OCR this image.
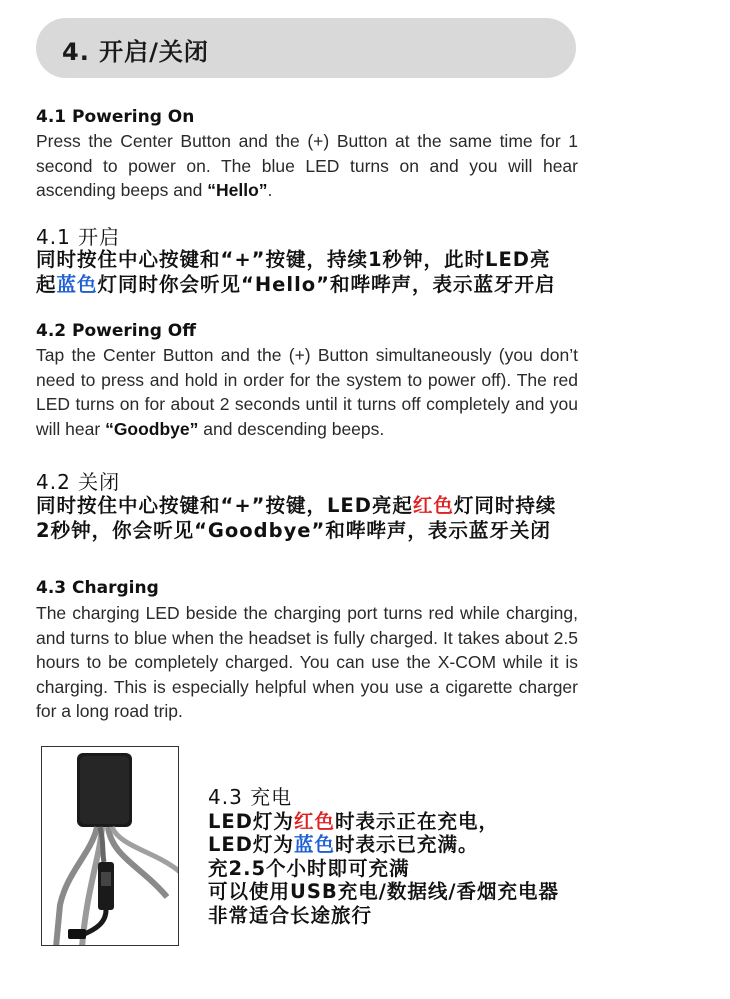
4. 开启/关闭
4.1 Powering On
Press the Center Button and the (+) Button at the same time for 1 second to power on. The blue LED turns on and you will hear ascending beeps and “Hello”.
4.1 开启
同时按住中心按键和“+”按键，持续1秒钟，此时LED亮
起蓝色灯同时你会听见“Hello”和哔哔声，表示蓝牙开启
4.2 Powering Off
Tap the Center Button and the (+) Button simultaneously (you don’t need to press and hold in order for the system to power off). The red LED turns on for about 2 seconds until it turns off completely and you will hear “Goodbye” and descending beeps.
4.2 关闭
同时按住中心按键和“+”按键，LED亮起红色灯同时持续
2秒钟，你会听见“Goodbye”和哔哔声，表示蓝牙关闭
4.3 Charging
The charging LED beside the charging port turns red while charging, and turns to blue when the headset is fully charged. It takes about 2.5 hours to be completely charged. You can use the X-COM while it is charging. This is especially helpful when you use a cigarette charger for a long road trip.
4.3 充电
LED灯为红色时表示正在充电，
LED灯为蓝色时表示已充满。
充2.5个小时即可充满
可以使用USB充电/数据线/香烟充电器
非常适合长途旅行
